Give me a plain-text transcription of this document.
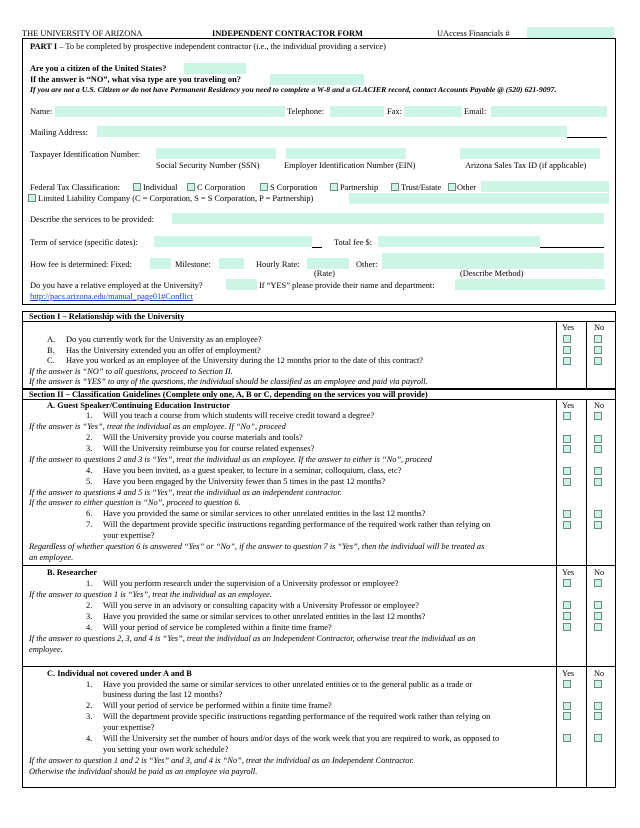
THE UNIVERSITY OF ARIZONA	INDEPENDENT CONTRACTOR FORM	UAccess Financials #
PART I – To be completed by prospective independent contractor (i.e., the individual providing a service)
Are you a citizen of the United States?
If the answer is “NO”, what visa type are you traveling on?
If you are not a U.S. Citizen or do not have Permanent Residency you need to complete a W-8 and a GLACIER record, contact Accounts Payable @ (520) 621-9097.
Name:	Telephone:	Fax:	Email:
Mailing Address:
Taxpayer Identification Number:
Social Security Number (SSN)	Employer Identification Number (EIN)	Arizona Sales Tax ID (if applicable)
Federal Tax Classification:	Individual C Corporation	S Corporation	Partnership	Trust/Estate Other
Limited Liability Company (C = Corporation, S = S Corporation, P = Partnership)
Describe the services to be provided:
Term of service (specific dates):	Total fee $:
How fee is determined: Fixed:	Milestone:	Hourly Rate:	Other:
(Rate)	(Describe Method)
Do you have a relative employed at the University?	If “YES” please provide their name and department:
http://pacs.arizona.edu/manual_page01#Conflict
Section I – Relationship with the University
Yes No
A. Do you currently work for the University as an employee?
B. Has the University extended you an offer of employment?
C. Have you worked as an employee of the University during the 12 months prior to the date of this contract?
If the answer is “NO” to all questions, proceed to Section II.
If the answer is “YES” to any of the questions, the individual should be classified as an employee and paid via payroll.
Section II – Classification Guidelines (Complete only one, A, B or C, depending on the services you will provide)
A. Guest Speaker/Continuing Education Instructor	Yes No
1. Will you teach a course from which students will receive credit toward a degree?
If the answer is “Yes”, treat the individual as an employee. If “No”, proceed
2. Will the University provide you course materials and tools?
3. Will the University reimburse you for course related expenses?
If the answer to questions 2 and 3 is “Yes”, treat the individual as an employee. If the answer to either is “No”, proceed
4. Have you been invited, as a guest speaker, to lecture in a seminar, colloquium, class, etc?
5. Have you been engaged by the University fewer than 5 times in the past 12 months?
If the answer to questions 4 and 5 is “Yes”, treat the individual as an independent contractor.
If the answer to either question is “No”, proceed to question 6.
6. Have you provided the same or similar services to other unrelated entities in the last 12 months?
7. Will the department provide specific instructions regarding performance of the required work rather than relying on
your expertise?
Regardless of whether question 6 is answered “Yes” or “No”, if the answer to question 7 is “Yes”, then the individual will be treated as
an employee.
B. Researcher	Yes No
1. Will you perform research under the supervision of a University professor or employee?
If the answer to question 1 is “Yes”, treat the individual as an employee.
2. Will you serve in an advisory or consulting capacity with a University Professor or employee?
3. Have you provided the same or similar services to other unrelated entities in the last 12 months?
4. Will your period of service be completed within a finite time frame?
If the answer to questions 2, 3, and 4 is “Yes”, treat the individual as an Independent Contractor, otherwise treat the individual as an
employee.
C. Individual not covered under A and B	Yes No
1. Have you provided the same or similar services to other unrelated entities or to the general public as a trade or
business during the last 12 months?
2. Will your period of service be performed within a finite time frame?
3. Will the department provide specific instructions regarding performance of the required work rather than relying on
your expertise?
4. Will the University set the number of hours and/or days of the work week that you are required to work, as opposed to
you setting your own work schedule?
If the answer to question 1 and 2 is “Yes” and 3, and 4 is “No”, treat the individual as an Independent Contractor.
Otherwise the individual should be paid as an employee via payroll.
